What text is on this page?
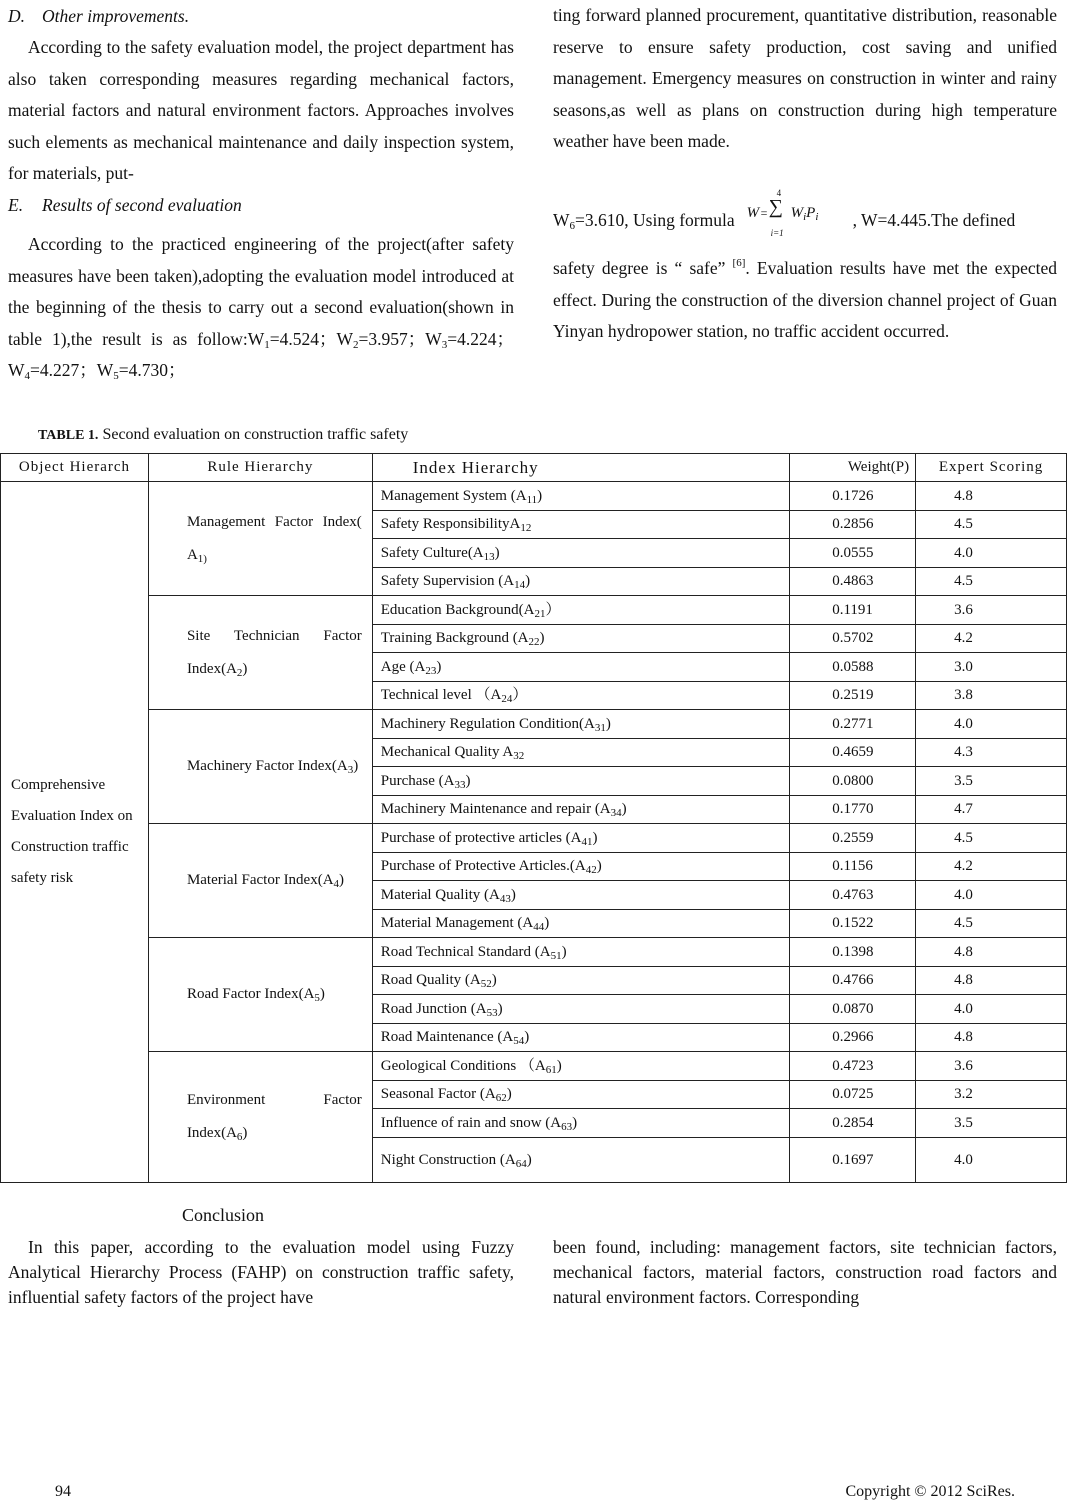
D. Other improvements.
According to the safety evaluation model, the project department has also taken corresponding measures regarding mechanical factors, material factors and natural environment factors. Approaches involves such elements as mechanical maintenance and daily inspection system, for materials, put-
E. Results of second evaluation
According to the practiced engineering of the project(after safety measures have been taken),adopting the evaluation model introduced at the beginning of the thesis to carry out a second evaluation(shown in table 1),the result is as $follow:W_1=4.524$；$W_2=3.957$；$W_3=4.224$；$W_4=4.227$；$W_5=4.730$；
ting forward planned procurement, quantitative distribution, reasonable reserve to ensure safety production, cost saving and unified management. Emergency measures on construction in winter and rainy seasons,as well as plans on construction during high temperature weather have been made.
$W_6=3.610$, Using formula W =
4
∑
i=1
$W_iP_i$ , W=4.445.The defined
safety degree is “ safe” [6]. Evaluation results have met the expected effect. During the construction of the diversion channel project of Guan Yinyan hydropower station, no traffic accident occurred.
TABLE 1. Second evaluation on construction traffic safety
Object Hierarch	Rule Hierarchy	Index Hierarchy	Weight(P)	Expert Scoring
Comprehensive Evaluation Index on Construction traffic safety risk	Management Factor Index( $A_{1)}$	Management System $(A_{11})$	0.1726	4.8
		Safety ResponsibilityA$_{12}$	0.2856	4.5
		Safety $Culture(A_{13})$	0.0555	4.0
		Safety Supervision $(A_{14})$	0.4863	4.5
	Site Technician Factor $Index(A_2)$	Education $Background(A_{21})$	0.1191	3.6
		Training Background $(A_{22})$	0.5702	4.2
		Age $(A_{23})$	0.0588	3.0
		Technical level $(A_{24})$	0.2519	3.8
	Machinery Factor $Index(A_3)$	Machinery Regulation $Condition(A_{31})$	0.2771	4.0
		Mechanical Quality $A_{32}$	0.4659	4.3
		Purchase $(A_{33})$	0.0800	3.5
		Machinery Maintenance and repair $(A_{34})$	0.1770	4.7
	Material Factor $Index(A_4)$	Purchase of protective articles $(A_{41})$	0.2559	4.5
		Purchase of Protective $Articles.(A_{42})$	0.1156	4.2
		Material Quality $(A_{43})$	0.4763	4.0
		Material Management $(A_{44})$	0.1522	4.5
	Road Factor $Index(A_5)$	Road Technical Standard $(A_{51})$	0.1398	4.8
		Road Quality $(A_{52})$	0.4766	4.8
		Road Junction $(A_{53})$	0.0870	4.0
		Road Maintenance $(A_{54})$	0.2966	4.8
	Environment Factor $Index(A_6)$	Geological Conditions $(A_{61})$	0.4723	3.6
		Seasonal Factor $(A_{62})$	0.0725	3.2
		Influence of rain and snow $(A_{63})$	0.2854	3.5
		Night Construction $(A_{64})$	0.1697	4.0
Conclusion
In this paper, according to the evaluation model using Fuzzy Analytical Hierarchy Process (FAHP) on construction traffic safety, influential safety factors of the project have
been found, including: management factors, site technician factors, mechanical factors, material factors, construction road factors and natural environment factors. Corresponding
94	Copyright © 2012 SciRes.
